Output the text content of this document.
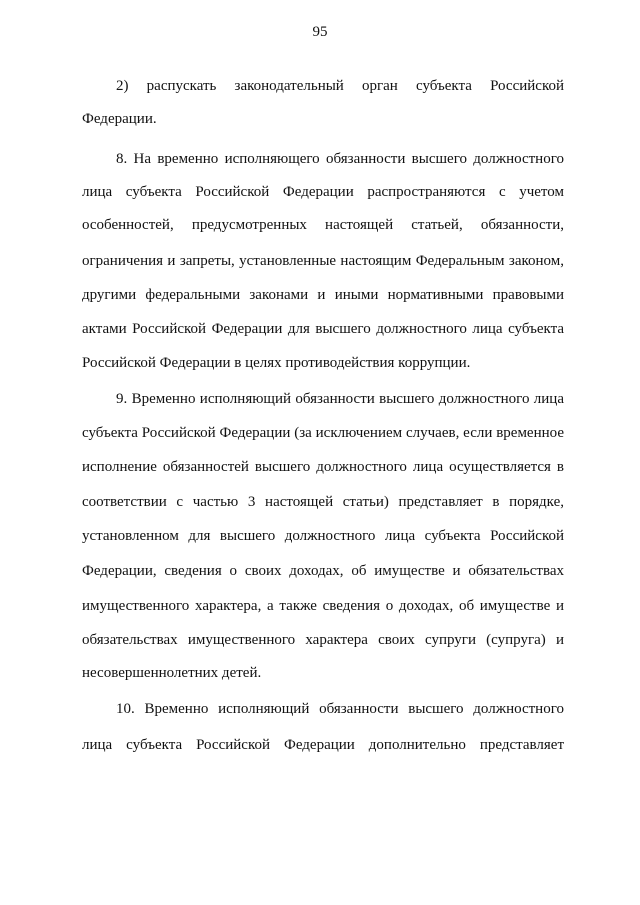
95
2) распускать законодательный орган субъекта Российской
Федерации.
8. На временно исполняющего обязанности высшего должностного
лица субъекта Российской Федерации распространяются с учетом
особенностей, предусмотренных настоящей статьей, обязанности,
ограничения и запреты, установленные настоящим Федеральным законом,
другими федеральными законами и иными нормативными правовыми
актами Российской Федерации для высшего должностного лица субъекта
Российской Федерации в целях противодействия коррупции.
9. Временно исполняющий обязанности высшего должностного лица
субъекта Российской Федерации (за исключением случаев, если временное
исполнение обязанностей высшего должностного лица осуществляется в
соответствии с частью 3 настоящей статьи) представляет в порядке,
установленном для высшего должностного лица субъекта Российской
Федерации, сведения о своих доходах, об имуществе и обязательствах
имущественного характера, а также сведения о доходах, об имуществе и
обязательствах имущественного характера своих супруги (супруга) и
несовершеннолетних детей.
10. Временно исполняющий обязанности высшего должностного
лица субъекта Российской Федерации дополнительно представляет
